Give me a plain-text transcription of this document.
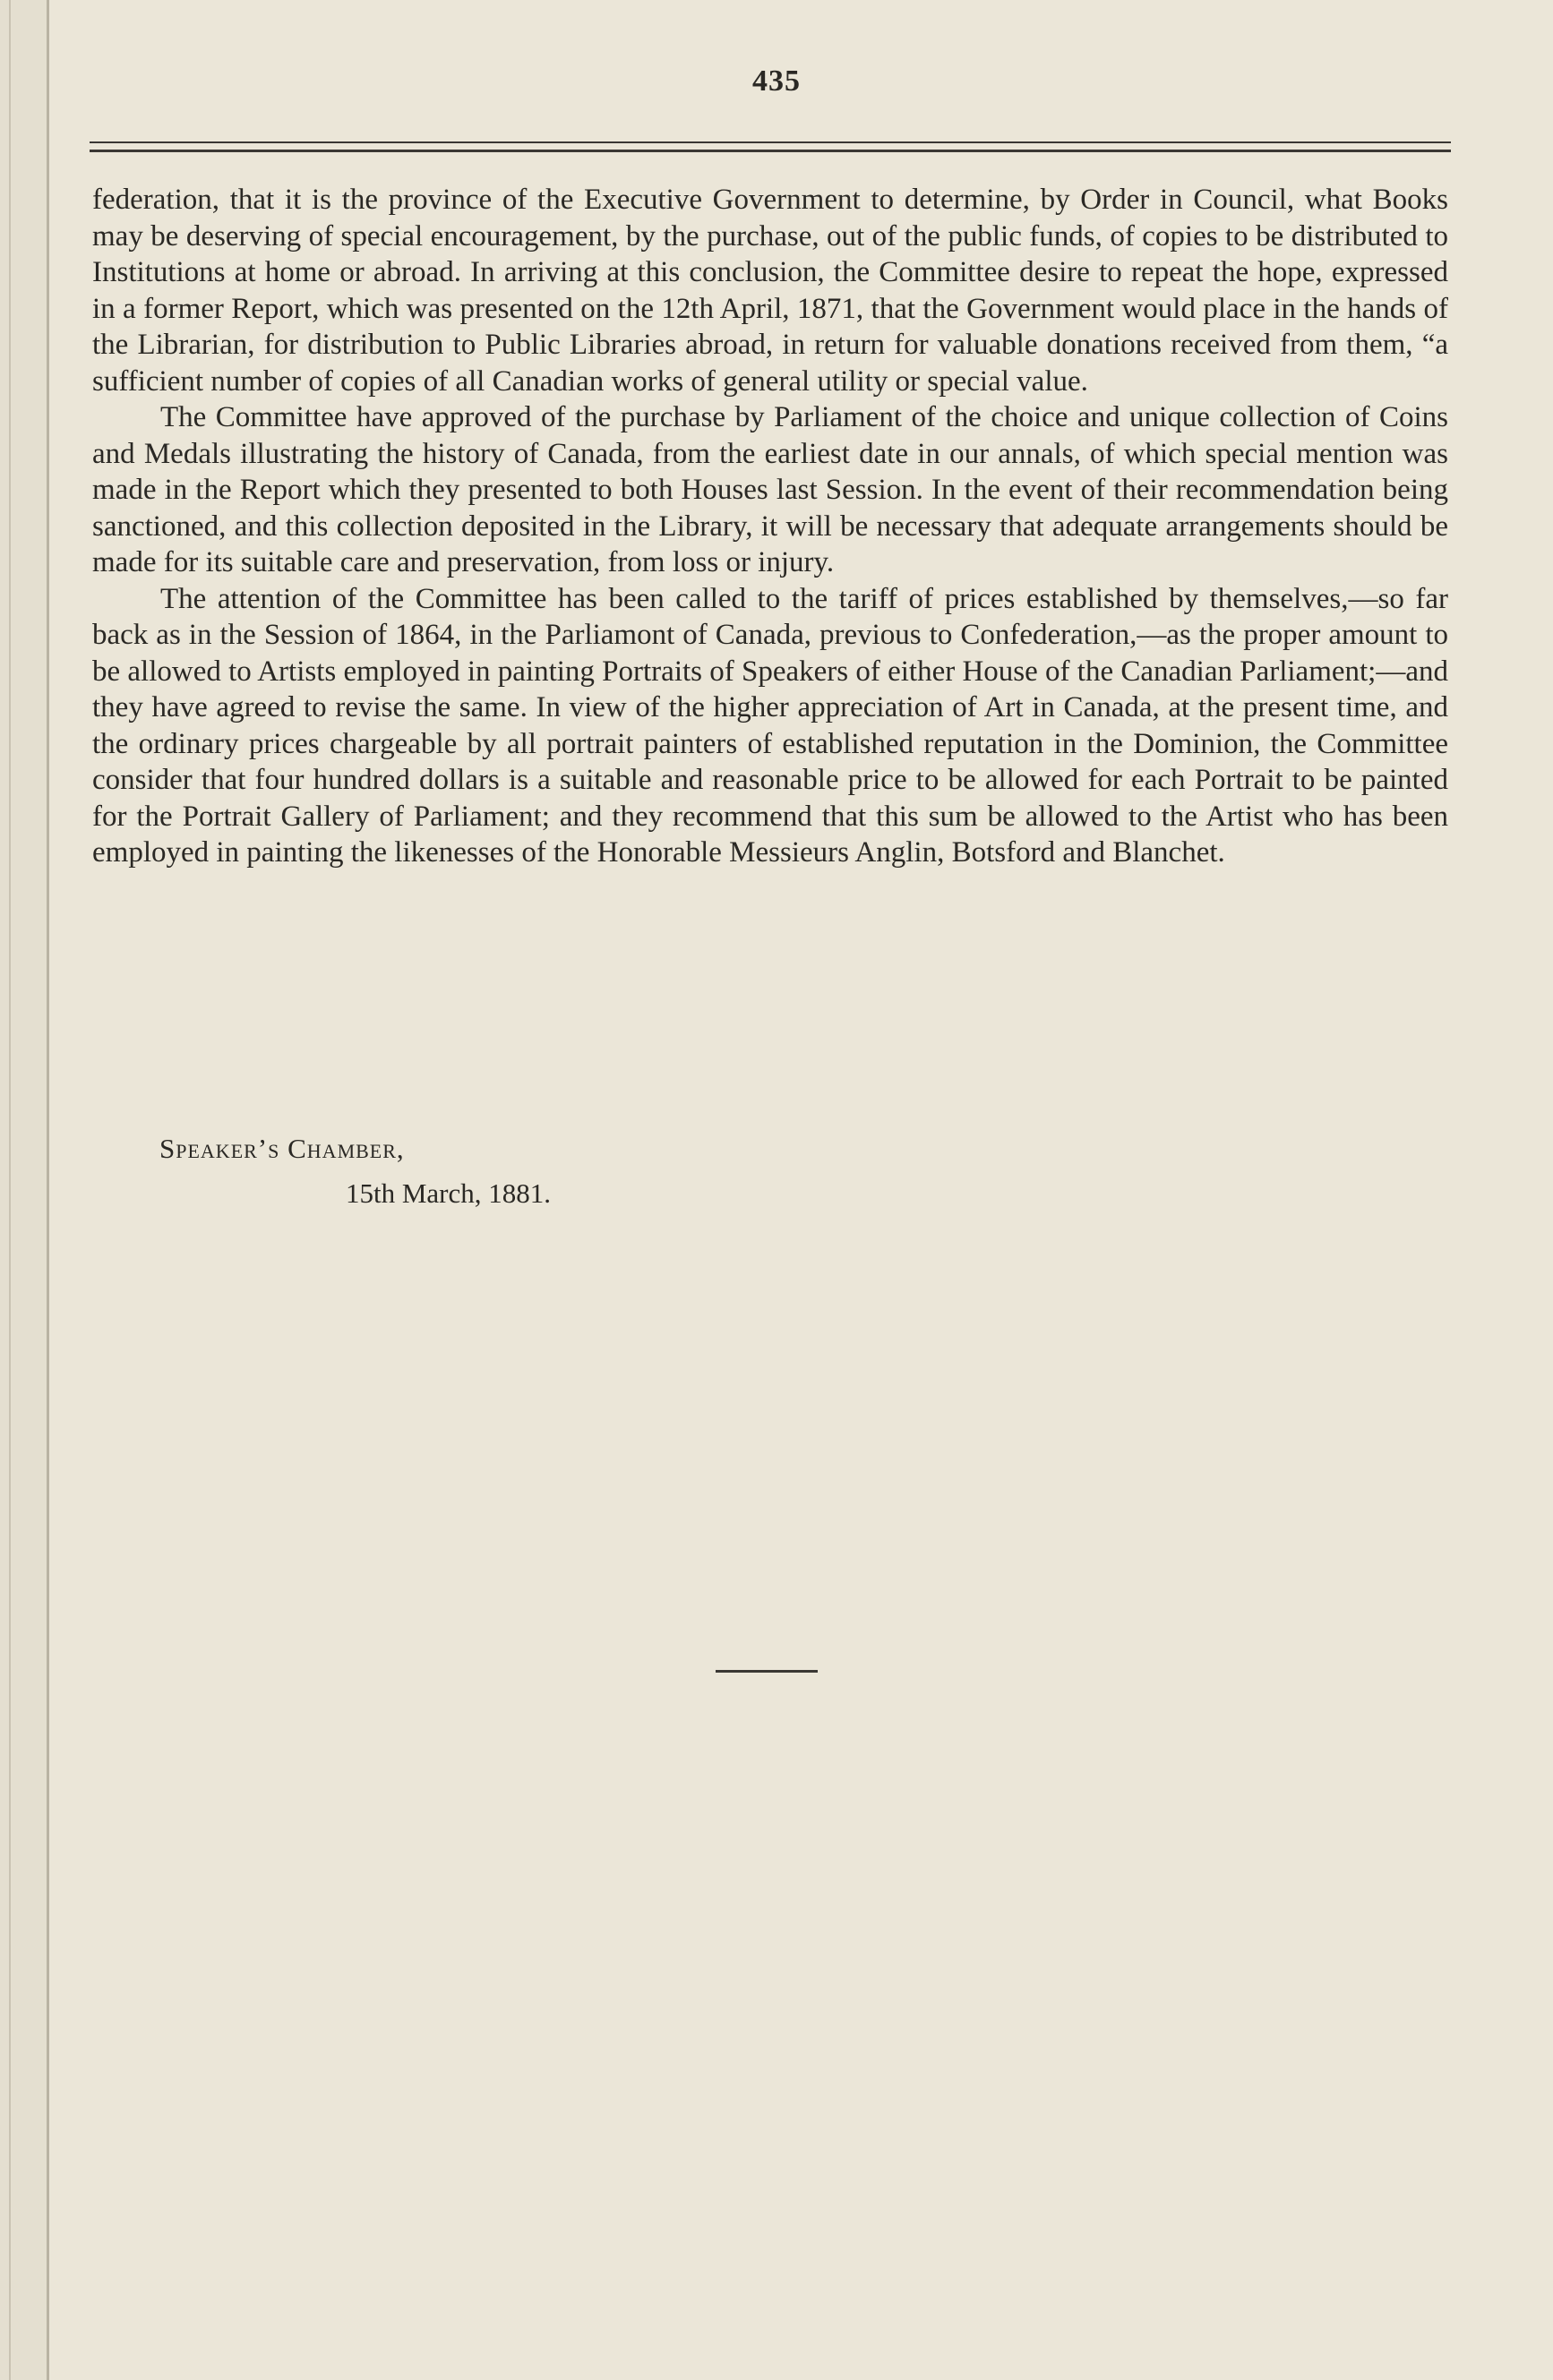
435

federation, that it is the province of the Executive Government to determine, by Order in Council, what Books may be deserving of special encouragement, by the purchase, out of the public funds, of copies to be distributed to Institutions at home or abroad. In arriving at this conclusion, the Committee desire to repeat the hope, expressed in a former Report, which was presented on the 12th April, 1871, that the Government would place in the hands of the Librarian, for distribution to Public Libraries abroad, in return for valuable donations received from them, “a sufficient number of copies of all Canadian works of general utility or special value.

The Committee have approved of the purchase by Parliament of the choice and unique collection of Coins and Medals illustrating the history of Canada, from the earliest date in our annals, of which special mention was made in the Report which they presented to both Houses last Session. In the event of their recommendation being sanctioned, and this collection deposited in the Library, it will be necessary that adequate arrangements should be made for its suitable care and preservation, from loss or injury.

The attention of the Committee has been called to the tariff of prices established by themselves,—so far back as in the Session of 1864, in the Parliamont of Canada, previous to Confederation,—as the proper amount to be allowed to Artists employed in painting Portraits of Speakers of either House of the Canadian Parliament;—and they have agreed to revise the same. In view of the higher appreciation of Art in Canada, at the present time, and the ordinary prices chargeable by all portrait painters of established reputation in the Dominion, the Committee consider that four hundred dollars is a suitable and reasonable price to be allowed for each Portrait to be painted for the Portrait Gallery of Parliament; and they recommend that this sum be allowed to the Artist who has been employed in painting the likenesses of the Honorable Messieurs Anglin, Botsford and Blanchet.

Speaker’s Chamber,
15th March, 1881.
